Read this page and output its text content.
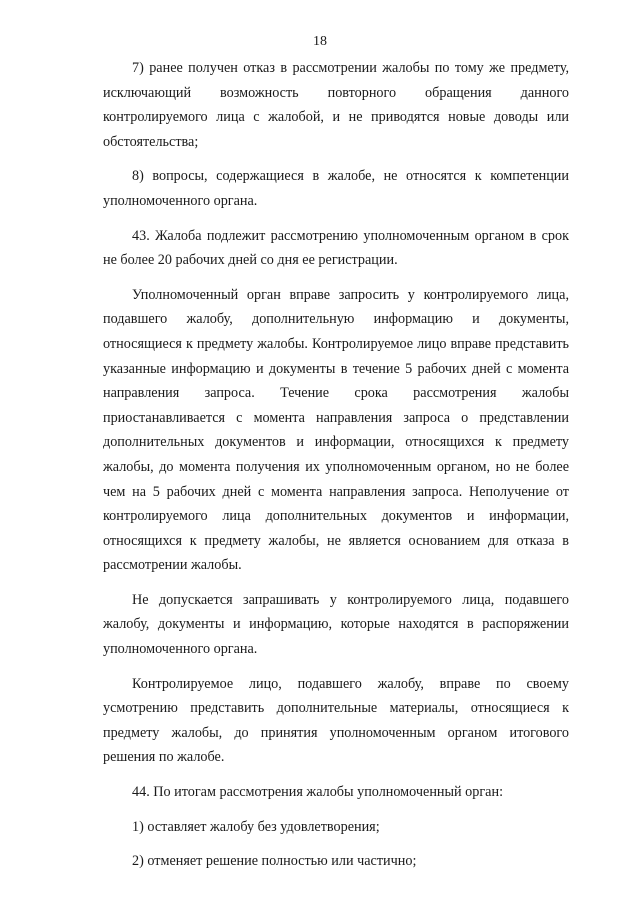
18

7) ранее получен отказ в рассмотрении жалобы по тому же предмету, исключающий возможность повторного обращения данного контролируемого лица с жалобой, и не приводятся новые доводы или обстоятельства;

8) вопросы, содержащиеся в жалобе, не относятся к компетенции уполномоченного органа.

43. Жалоба подлежит рассмотрению уполномоченным органом в срок не более 20 рабочих дней со дня ее регистрации.

Уполномоченный орган вправе запросить у контролируемого лица, подавшего жалобу, дополнительную информацию и документы, относящиеся к предмету жалобы. Контролируемое лицо вправе представить указанные информацию и документы в течение 5 рабочих дней с момента направления запроса. Течение срока рассмотрения жалобы приостанавливается с момента направления запроса о представлении дополнительных документов и информации, относящихся к предмету жалобы, до момента получения их уполномоченным органом, но не более чем на 5 рабочих дней с момента направления запроса. Неполучение от контролируемого лица дополнительных документов и информации, относящихся к предмету жалобы, не является основанием для отказа в рассмотрении жалобы.

Не допускается запрашивать у контролируемого лица, подавшего жалобу, документы и информацию, которые находятся в распоряжении уполномоченного органа.

Контролируемое лицо, подавшего жалобу, вправе по своему усмотрению представить дополнительные материалы, относящиеся к предмету жалобы, до принятия уполномоченным органом итогового решения по жалобе.

44. По итогам рассмотрения жалобы уполномоченный орган:

1) оставляет жалобу без удовлетворения;

2) отменяет решение полностью или частично;
